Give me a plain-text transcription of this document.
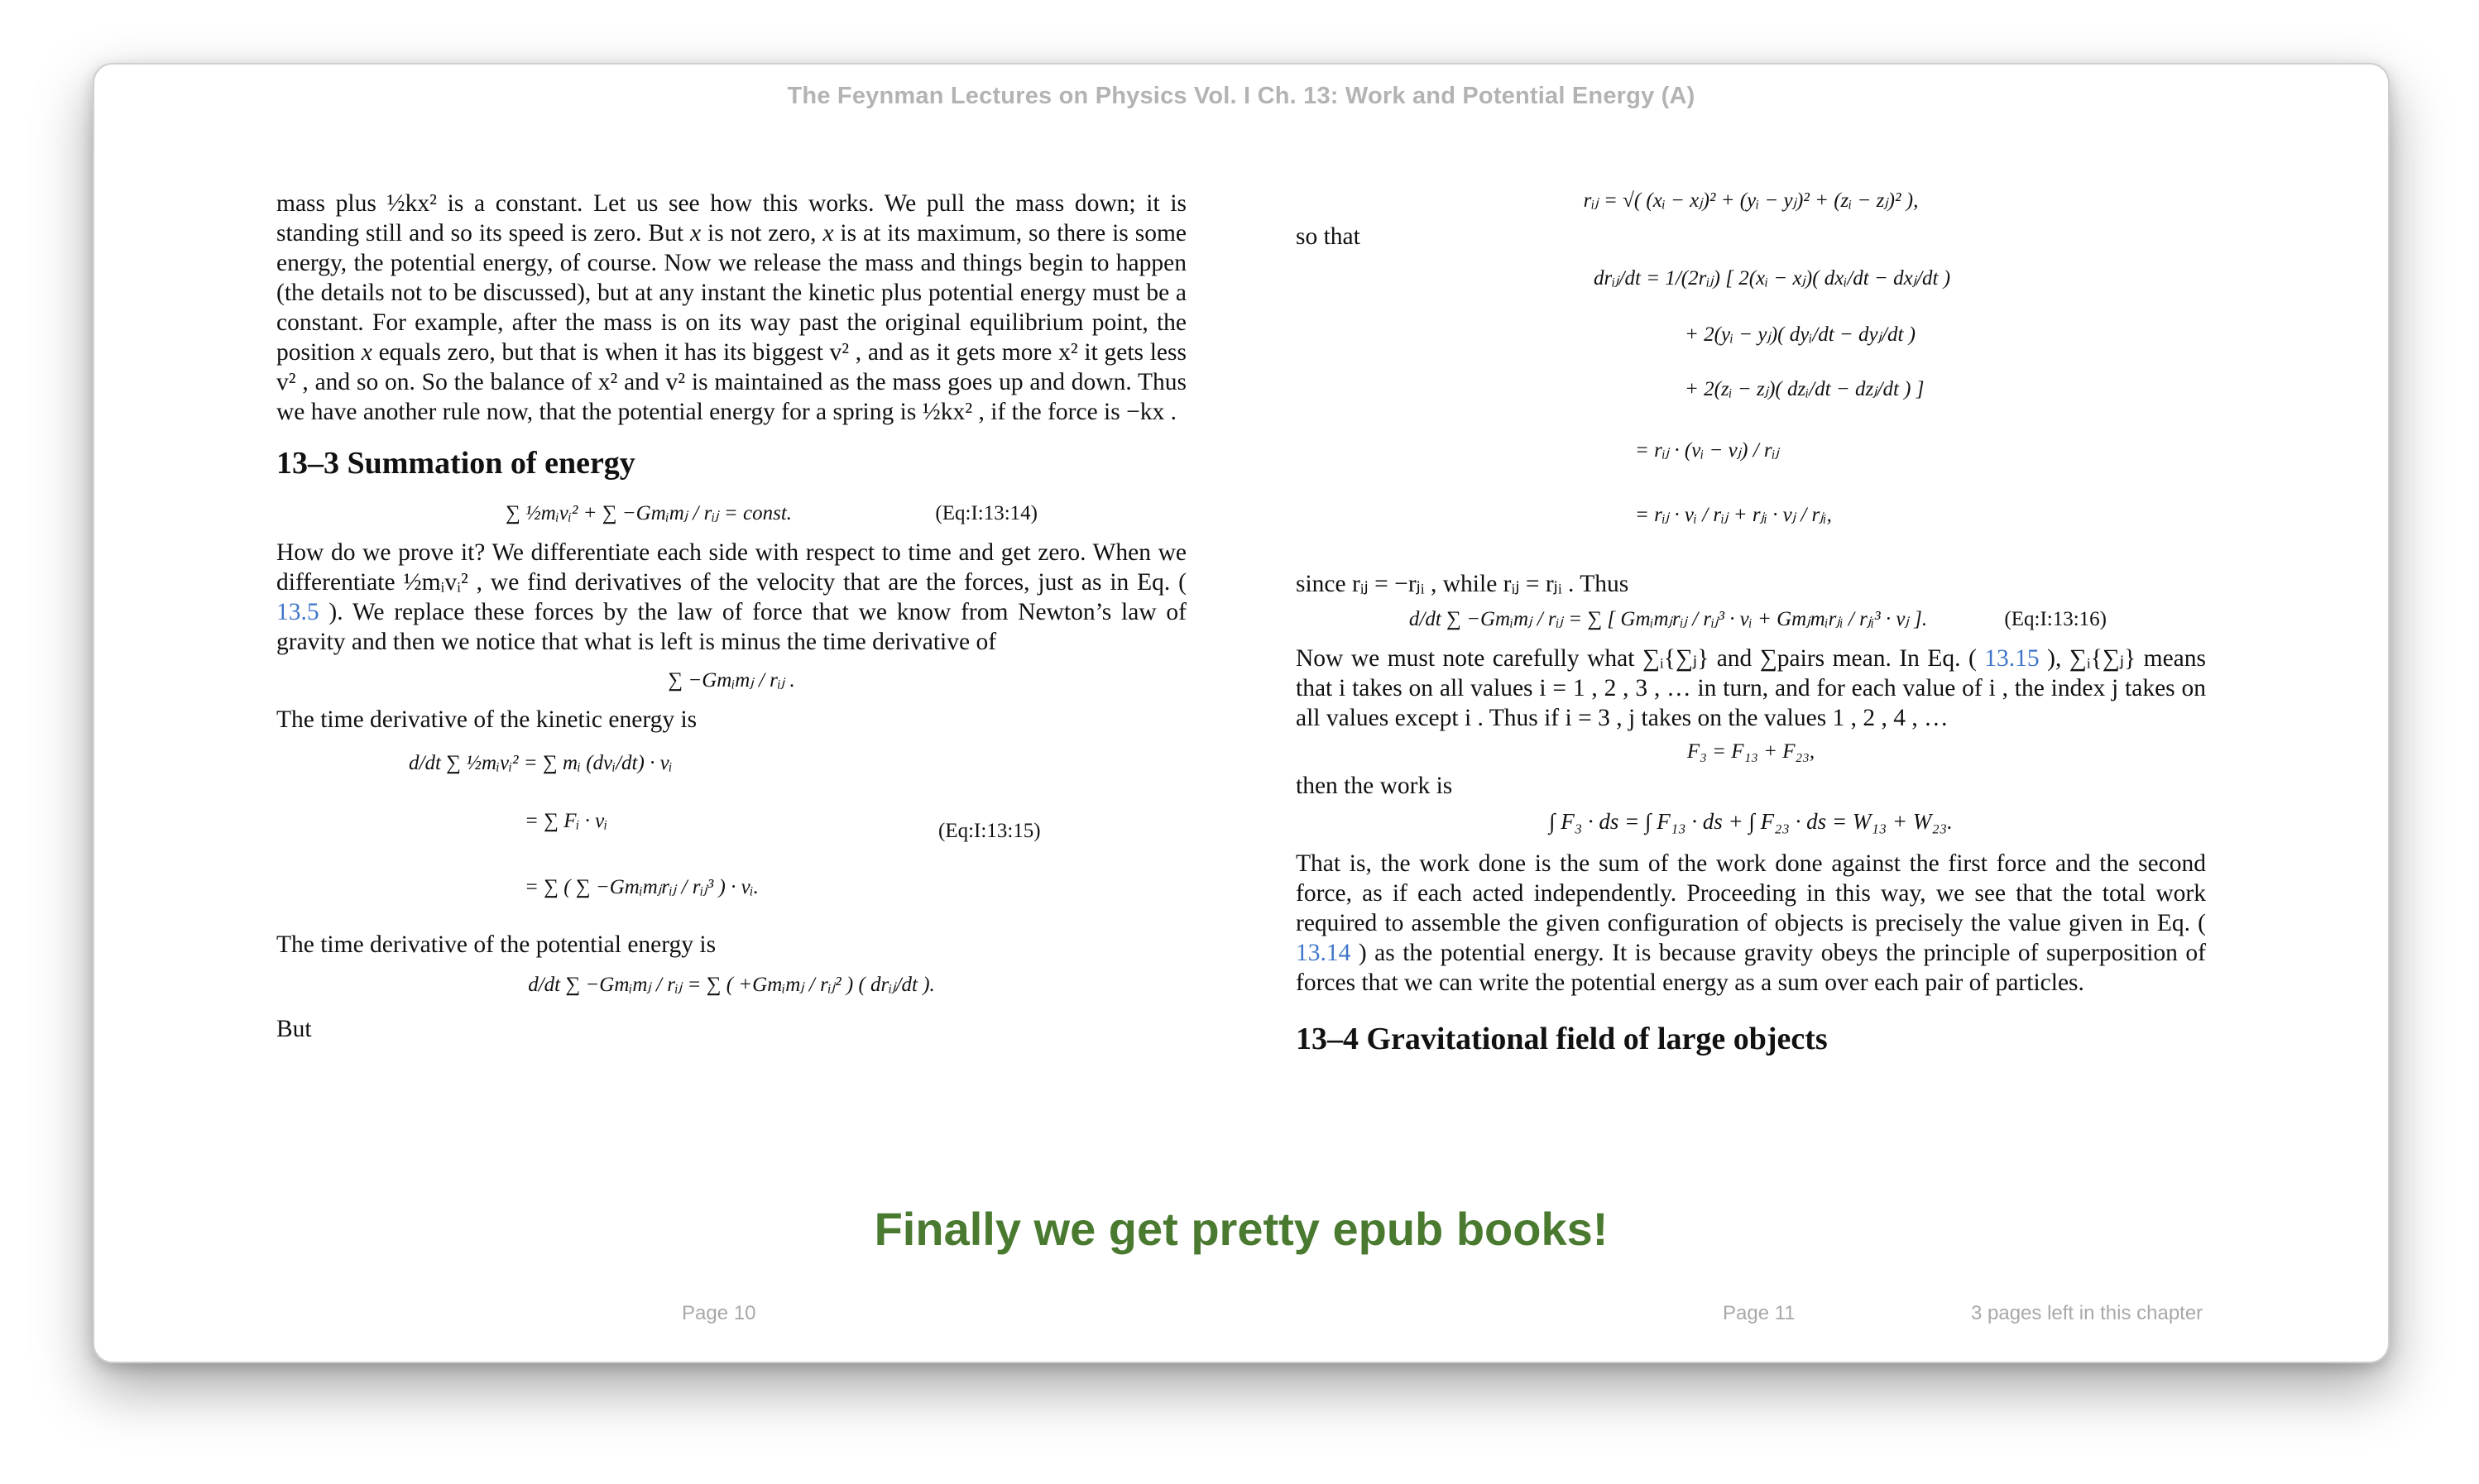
The Feynman Lectures on Physics Vol. I Ch. 13: Work and Potential Energy (A)

mass plus ½kx² is a constant. Let us see how this works. We pull the mass down; it is standing still and so its speed is zero. But x is not zero, x is at its maximum, so there is some energy, the potential energy, of course. Now we release the mass and things begin to happen (the details not to be discussed), but at any instant the kinetic plus potential energy must be a constant. For example, after the mass is on its way past the original equilibrium point, the position x equals zero, but that is when it has its biggest v² , and as it gets more x² it gets less v² , and so on. So the balance of x² and v² is maintained as the mass goes up and down. Thus we have another rule now, that the potential energy for a spring is ½kx² , if the force is −kx .

13–3 Summation of energy
∑ ½mᵢvᵢ² + ∑ −Gmᵢmⱼ / rᵢⱼ = const.	(Eq:I:13:14)

How do we prove it? We differentiate each side with respect to time and get zero. When we differentiate ½mᵢvᵢ² , we find derivatives of the velocity that are the forces, just as in Eq. ( 13.5 ). We replace these forces by the law of force that we know from Newton’s law of gravity and then we notice that what is left is minus the time derivative of

∑ −Gmᵢmⱼ / rᵢⱼ .

The time derivative of the kinetic energy is

d/dt ∑ ½mᵢvᵢ² = ∑ mᵢ (dvᵢ/dt) · vᵢ
= ∑ Fᵢ · vᵢ
= ∑ ( ∑ −Gmᵢmⱼrᵢⱼ / rᵢⱼ³ ) · vᵢ.
(Eq:I:13:15)

The time derivative of the potential energy is

d/dt ∑ −Gmᵢmⱼ / rᵢⱼ = ∑ ( +Gmᵢmⱼ / rᵢⱼ² ) ( drᵢⱼ/dt ).

But

rᵢⱼ = √( (xᵢ − xⱼ)² + (yᵢ − yⱼ)² + (zᵢ − zⱼ)² ),

so that

drᵢⱼ/dt = 1/(2rᵢⱼ) [ 2(xᵢ − xⱼ)( dxᵢ/dt − dxⱼ/dt )
+ 2(yᵢ − yⱼ)( dyᵢ/dt − dyⱼ/dt )
+ 2(zᵢ − zⱼ)( dzᵢ/dt − dzⱼ/dt ) ]
= rᵢⱼ · (vᵢ − vⱼ) / rᵢⱼ
= rᵢⱼ · vᵢ / rᵢⱼ + rⱼᵢ · vⱼ / rⱼᵢ,

since rᵢⱼ = −rⱼᵢ , while rᵢⱼ = rⱼᵢ . Thus

d/dt ∑ −Gmᵢmⱼ / rᵢⱼ = ∑ [ Gmᵢmⱼrᵢⱼ / rᵢⱼ³ · vᵢ + Gmⱼmᵢrⱼᵢ / rⱼᵢ³ · vⱼ ].	(Eq:I:13:16)

Now we must note carefully what ∑ᵢ{∑ⱼ} and ∑pairs mean. In Eq. ( 13.15 ), ∑ᵢ{∑ⱼ} means that i takes on all values i = 1 , 2 , 3 , … in turn, and for each value of i , the index j takes on all values except i . Thus if i = 3 , j takes on the values 1 , 2 , 4 , …

F₃ = F₁₃ + F₂₃,

then the work is

∫ F₃ · ds = ∫ F₁₃ · ds + ∫ F₂₃ · ds = W₁₃ + W₂₃.

That is, the work done is the sum of the work done against the first force and the second force, as if each acted independently. Proceeding in this way, we see that the total work required to assemble the given configuration of objects is precisely the value given in Eq. ( 13.14 ) as the potential energy. It is because gravity obeys the principle of superposition of forces that we can write the potential energy as a sum over each pair of particles.

13–4 Gravitational field of large objects
Finally we get pretty epub books!
Page 10	Page 11	3 pages left in this chapter
